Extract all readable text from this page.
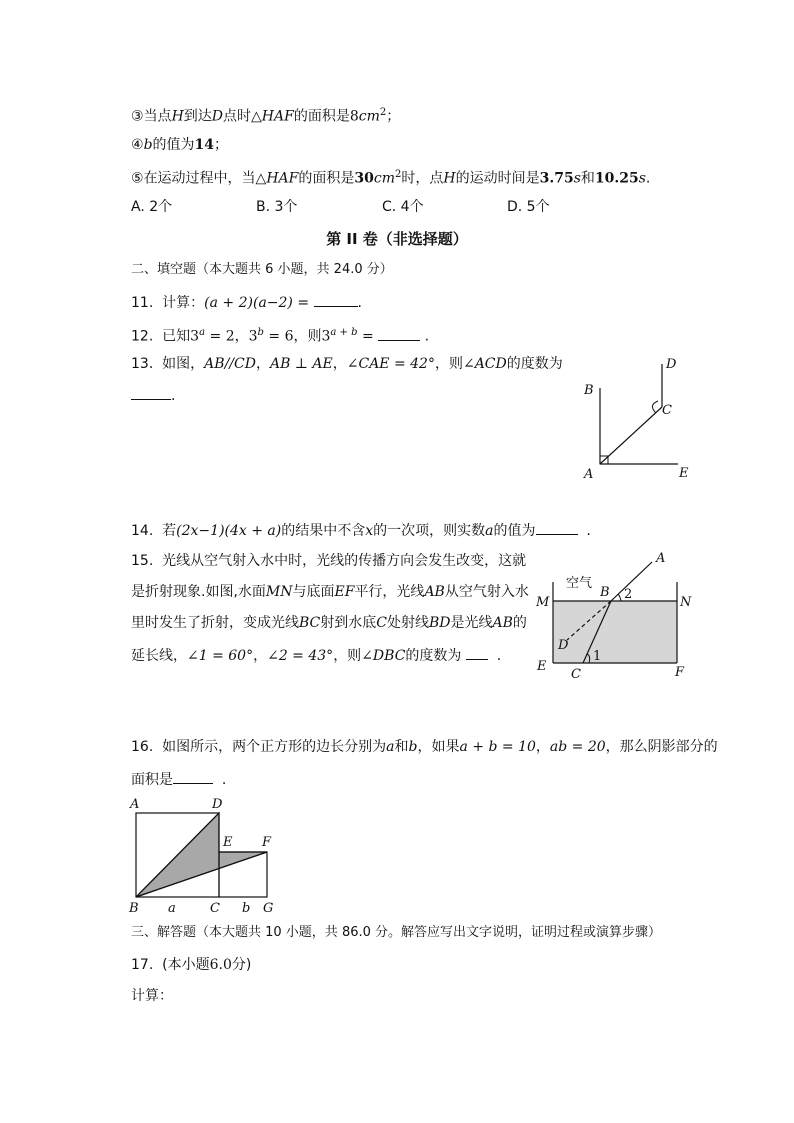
③当点H到达D点时△HAF的面积是$8cm^2$；
④b的值为14；
⑤在运动过程中，当△HAF的面积是$30cm^2$时，点H的运动时间是3.75s和10.25s.
A. 2个	B. 3个	C. 4个	D. 5个
第 II 卷（非选择题）
二、填空题（本大题共 6 小题，共 24.0 分）
11. 计算：(a + 2)(a−2) =	.
12. 已知$3^a = 2$，$3^b = 6$，则$3^{a + b}$ =	.
13. 如图，AB//CD，AB ⊥ AE，∠CAE = 42°，则∠ACD的度数为
.
D
B
C
A	E
14. 若(2x−1)(4x + a)的结果中不含x的一次项，则实数a的值为	.
15. 光线从空气射入水中时，光线的传播方向会发生改变，这就
是折射现象.如图,水面MN与底面EF平行，光线AB从空气射入水
里时发生了折射，变成光线BC射到水底C处射线BD是光线AB的
延长线，∠1 = 60°，∠2 = 43°，则∠DBC的度数为	.
A
空气
B 2
M	N
D
1
E
C	F
16. 如图所示，两个正方形的边长分别为a和b，如果a + b = 10，ab = 20，那么阴影部分的
面积是	.
A	D
E F
B a	C b G
三、解答题（本大题共 10 小题，共 86.0 分。解答应写出文字说明，证明过程或演算步骤）
17. (本小题6.0分)
计算：
